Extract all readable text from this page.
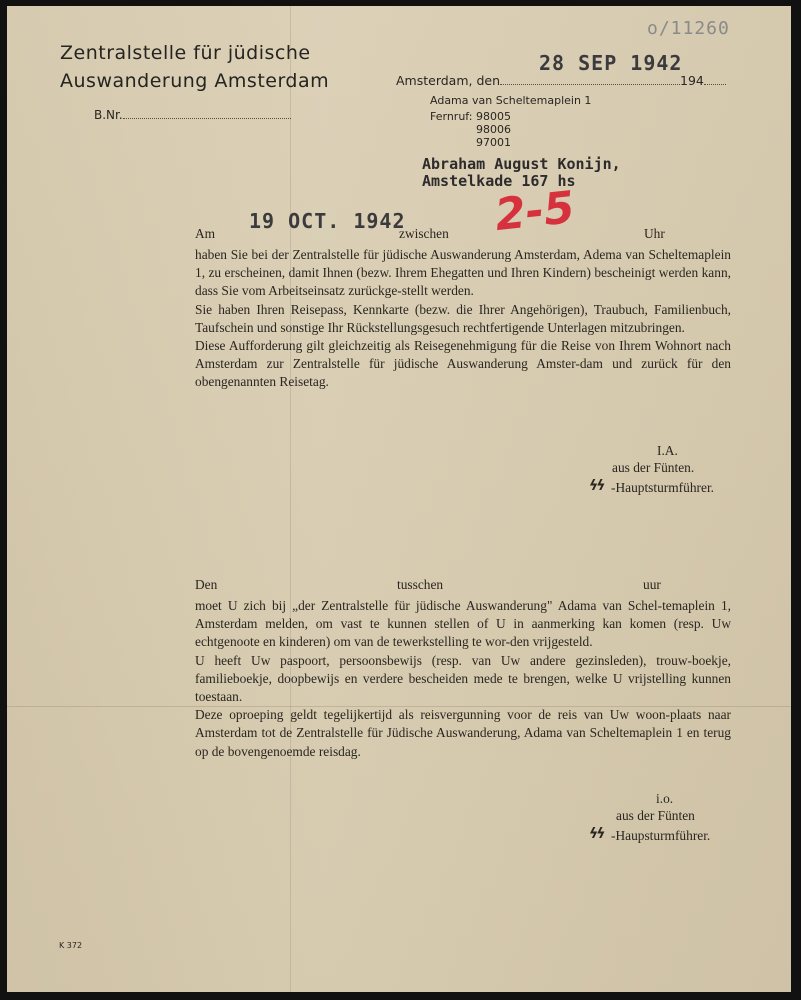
o/11260
Zentralstelle für jüdische
Auswanderung Amsterdam
B.Nr.
Amsterdam, den	194
28 SEP 1942
Adama van Scheltemaplein 1
Fernruf: 98005
98006
97001
Abraham August Konijn,
Amstelkade 167 hs
Am
19 OCT. 1942
zwischen 2-5	Uhr
haben Sie bei der Zentralstelle für jüdische Auswanderung Amsterdam, Adema van Scheltemaplein 1, zu erscheinen, damit Ihnen (bezw. Ihrem Ehegatten und Ihren Kindern) bescheinigt werden kann, dass Sie vom Arbeitseinsatz zurückge-stellt werden.
Sie haben Ihren Reisepass, Kennkarte (bezw. die Ihrer Angehörigen), Traubuch, Familienbuch, Taufschein und sonstige Ihr Rückstellungsgesuch rechtfertigende Unterlagen mitzubringen.
Diese Aufforderung gilt gleichzeitig als Reisegenehmigung für die Reise von Ihrem Wohnort nach Amsterdam zur Zentralstelle für jüdische Auswanderung Amster-dam und zurück für den obengenannten Reisetag.
I.A.
aus der Fünten.
ϟϟ -Hauptsturmführer.
Den	tusschen	uur
moet U zich bij „der Zentralstelle für jüdische Auswanderung" Adama van Schel-temaplein 1, Amsterdam melden, om vast te kunnen stellen of U in aanmerking kan komen (resp. Uw echtgenoote en kinderen) om van de tewerkstelling te wor-den vrijgesteld.
U heeft Uw paspoort, persoonsbewijs (resp. van Uw andere gezinsleden), trouw-boekje, familieboekje, doopbewijs en verdere bescheiden mede te brengen, welke U vrijstelling kunnen toestaan.
Deze oproeping geldt tegelijkertijd als reisvergunning voor de reis van Uw woon-plaats naar Amsterdam tot de Zentralstelle für Jüdische Auswanderung, Adama van Scheltemaplein 1 en terug op de bovengenoemde reisdag.
i.o.
aus der Fünten
ϟϟ -Haupsturmführer.
K 372
